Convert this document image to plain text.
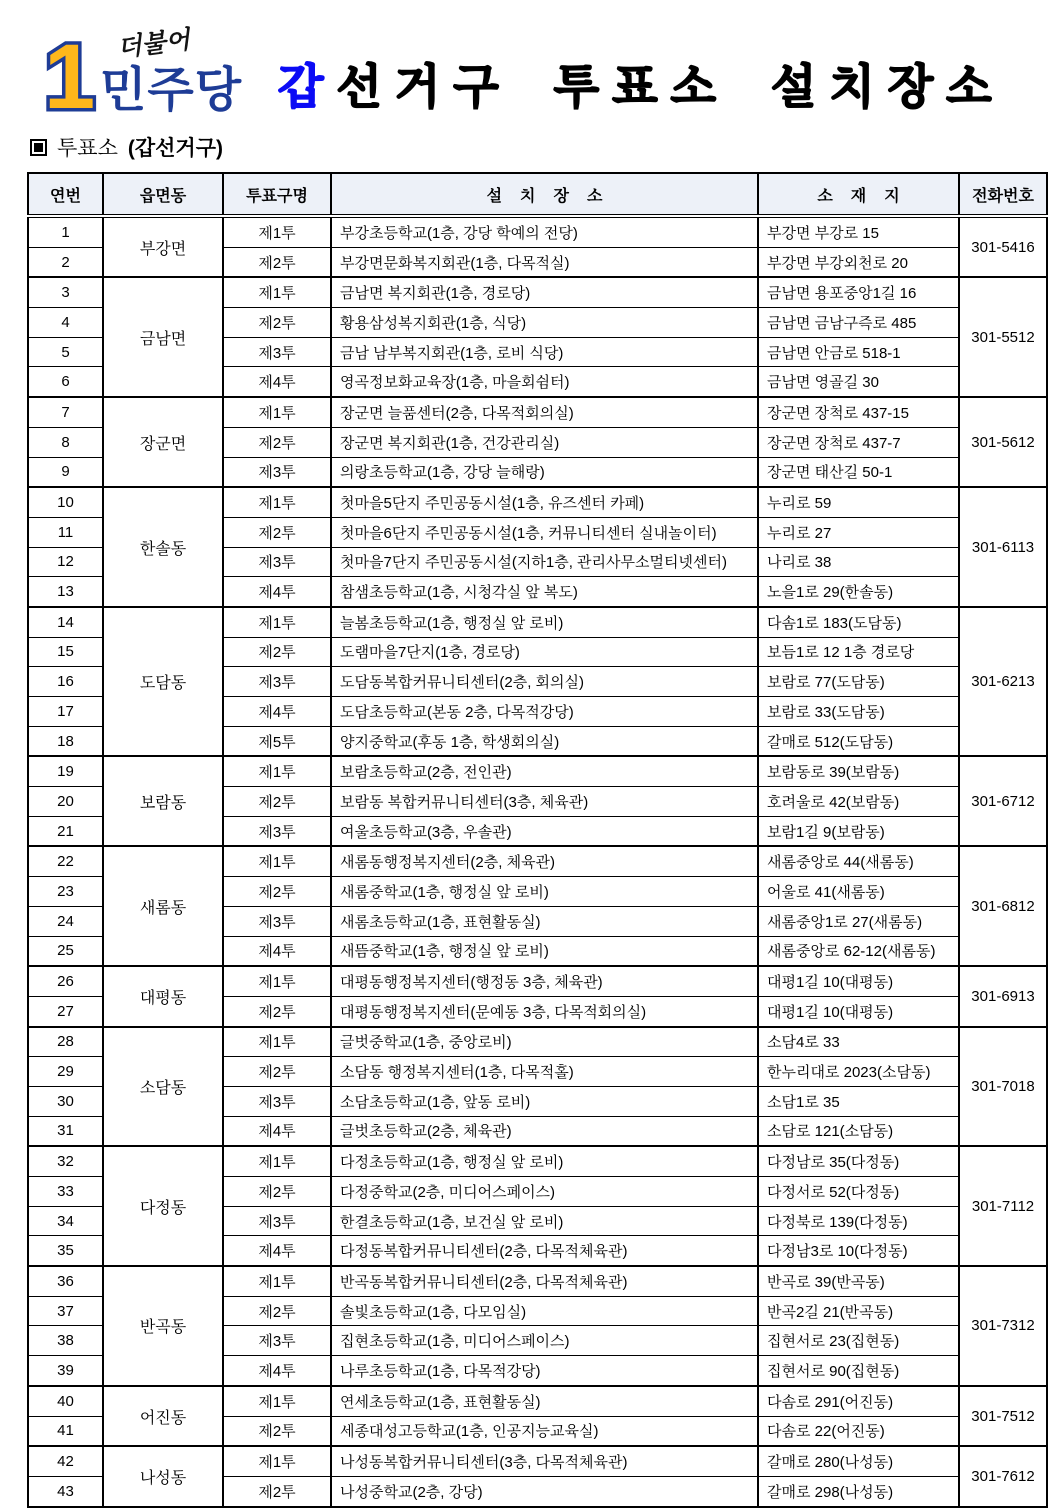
1 더불어
민주당 갑선거구 투표소 설치장소
투표소 (갑선거구)
연번	읍면동	투표구명	설치장소	소재지	전화번호
1	부강면	제1투	부강초등학교(1층, 강당 학예의 전당)	부강면 부강로 15	301-5416
2		제2투	부강면문화복지회관(1층, 다목적실)	부강면 부강외천로 20	
3	금남면	제1투	금남면 복지회관(1층, 경로당)	금남면 용포중앙1길 16	301-5512
4		제2투	황용삼성복지회관(1층, 식당)	금남면 금남구즉로 485	
5		제3투	금남 남부복지회관(1층, 로비 식당)	금남면 안금로 518-1	
6		제4투	영곡정보화교육장(1층, 마을회쉼터)	금남면 영골길 30	
7	장군면	제1투	장군면 늘품센터(2층, 다목적회의실)	장군면 장척로 437-15	301-5612
8		제2투	장군면 복지회관(1층, 건강관리실)	장군면 장척로 437-7	
9		제3투	의랑초등학교(1층, 강당 늘해랑)	장군면 태산길 50-1	
10	한솔동	제1투	첫마을5단지 주민공동시설(1층, 유즈센터 카페)	누리로 59	301-6113
11		제2투	첫마을6단지 주민공동시설(1층, 커뮤니티센터 실내놀이터)	누리로 27	
12		제3투	첫마을7단지 주민공동시설(지하1층, 관리사무소멀티넷센터)	나리로 38	
13		제4투	참샘초등학교(1층, 시청각실 앞 복도)	노을1로 29(한솔동)	
14	도담동	제1투	늘봄초등학교(1층, 행정실 앞 로비)	다솜1로 183(도담동)	301-6213
15		제2투	도램마을7단지(1층, 경로당)	보듬1로 12 1층 경로당	
16		제3투	도담동복합커뮤니티센터(2층, 회의실)	보람로 77(도담동)	
17		제4투	도담초등학교(본동 2층, 다목적강당)	보람로 33(도담동)	
18		제5투	양지중학교(후동 1층, 학생회의실)	갈매로 512(도담동)	
19	보람동	제1투	보람초등학교(2층, 전인관)	보람동로 39(보람동)	301-6712
20		제2투	보람동 복합커뮤니티센터(3층, 체육관)	호려울로 42(보람동)	
21		제3투	여울초등학교(3층, 우솔관)	보람1길 9(보람동)	
22	새롬동	제1투	새롬동행정복지센터(2층, 체육관)	새롬중앙로 44(새롬동)	301-6812
23		제2투	새롬중학교(1층, 행정실 앞 로비)	어울로 41(새롬동)	
24		제3투	새롬초등학교(1층, 표현활동실)	새롬중앙1로 27(새롬동)	
25		제4투	새뜸중학교(1층, 행정실 앞 로비)	새롬중앙로 62-12(새롬동)	
26	대평동	제1투	대평동행정복지센터(행정동 3층, 체육관)	대평1길 10(대평동)	301-6913
27		제2투	대평동행정복지센터(문예동 3층, 다목적회의실)	대평1길 10(대평동)	
28	소담동	제1투	글벗중학교(1층, 중앙로비)	소담4로 33	301-7018
29		제2투	소담동 행정복지센터(1층, 다목적홀)	한누리대로 2023(소담동)	
30		제3투	소담초등학교(1층, 앞동 로비)	소담1로 35	
31		제4투	글벗초등학교(2층, 체육관)	소담로 121(소담동)	
32	다정동	제1투	다정초등학교(1층, 행정실 앞 로비)	다정남로 35(다정동)	301-7112
33		제2투	다정중학교(2층, 미디어스페이스)	다정서로 52(다정동)	
34		제3투	한결초등학교(1층, 보건실 앞 로비)	다정북로 139(다정동)	
35		제4투	다정동복합커뮤니티센터(2층, 다목적체육관)	다정남3로 10(다정동)	
36	반곡동	제1투	반곡동복합커뮤니티센터(2층, 다목적체육관)	반곡로 39(반곡동)	301-7312
37		제2투	솔빛초등학교(1층, 다모임실)	반곡2길 21(반곡동)	
38		제3투	집현초등학교(1층, 미디어스페이스)	집현서로 23(집현동)	
39		제4투	나루초등학교(1층, 다목적강당)	집현서로 90(집현동)	
40	어진동	제1투	연세초등학교(1층, 표현활동실)	다솜로 291(어진동)	301-7512
41		제2투	세종대성고등학교(1층, 인공지능교육실)	다솜로 22(어진동)	
42	나성동	제1투	나성동복합커뮤니티센터(3층, 다목적체육관)	갈매로 280(나성동)	301-7612
43		제2투	나성중학교(2층, 강당)	갈매로 298(나성동)	
